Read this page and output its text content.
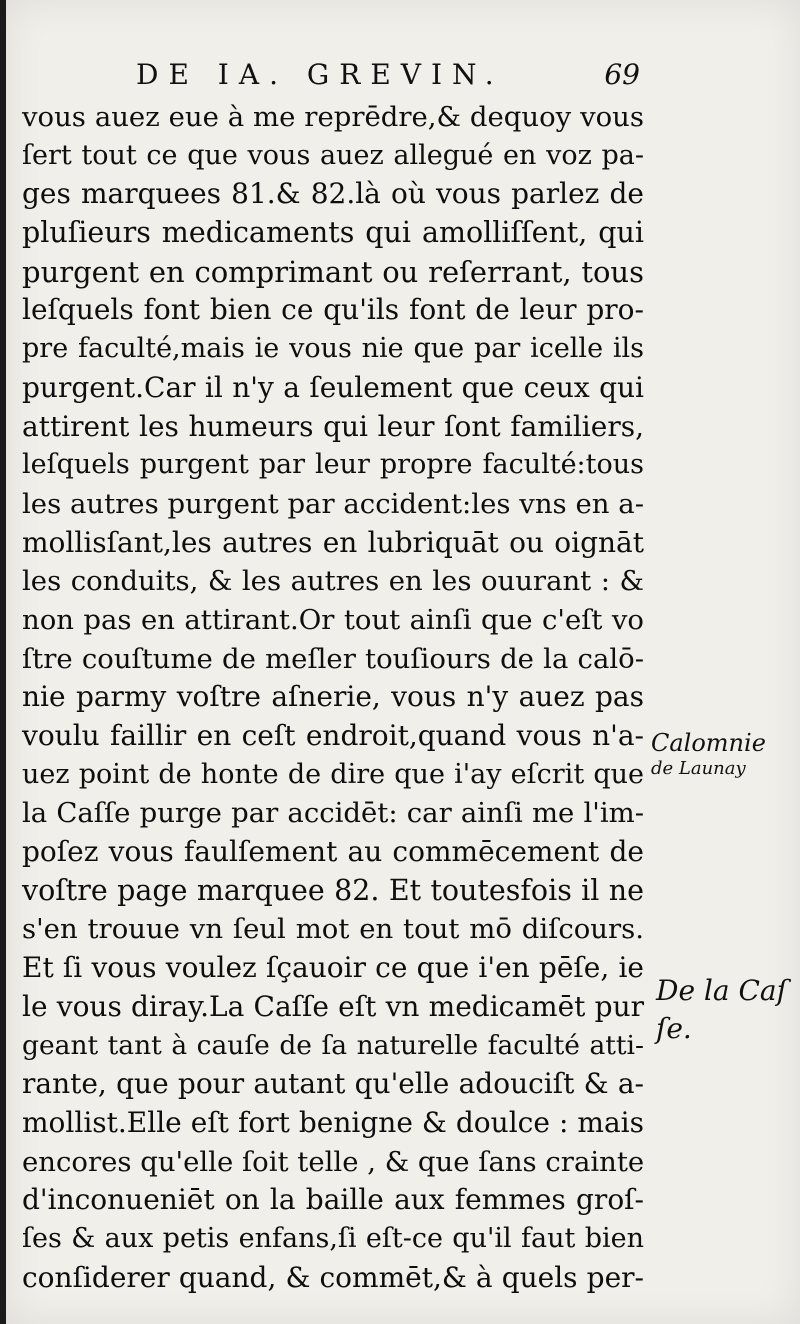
DE IA. GREVIN.	69
vous auez eue à me reprēdre,& dequoy vous
ſert tout ce que vous auez allegué en voz pa-
ges marquees 81.& 82.là où vous parlez de
pluſieurs medicaments qui amolliſſent, qui
purgent en comprimant ou reſerrant, tous
leſquels font bien ce qu'ils font de leur pro-
pre faculté,mais ie vous nie que par icelle ils
purgent.Car il n'y a ſeulement que ceux qui
attirent les humeurs qui leur ſont familiers,
leſquels purgent par leur propre faculté:tous
les autres purgent par accident:les vns en a-
mollisſant,les autres en lubriquāt ou oignāt
les conduits, & les autres en les ouurant : &
non pas en attirant.Or tout ainſi que c'eſt vo
ſtre couſtume de meſler touſiours de la calō-
nie parmy voſtre aſnerie, vous n'y auez pas
voulu faillir en ceſt endroit,quand vous n'a-
uez point de honte de dire que i'ay eſcrit que
la Caſſe purge par accidēt: car ainſi me l'im-
poſez vous faulſement au commēcement de
voſtre page marquee 82. Et toutesfois il ne
s'en trouue vn ſeul mot en tout mō diſcours.
Et ſi vous voulez ſçauoir ce que i'en pēſe, ie
le vous diray.La Caſſe eſt vn medicamēt pur
geant tant à cauſe de ſa naturelle faculté atti-
rante, que pour autant qu'elle adouciſt & a-
mollist.Elle eſt fort benigne & doulce : mais
encores qu'elle ſoit telle , & que ſans crainte
d'inconueniēt on la baille aux femmes groſ-
ſes & aux petis enfans,ſi eſt-ce qu'il faut bien
conſiderer quand, & commēt,& à quels per-
Calomnie
de Launay
De la Caſ
ſe.
